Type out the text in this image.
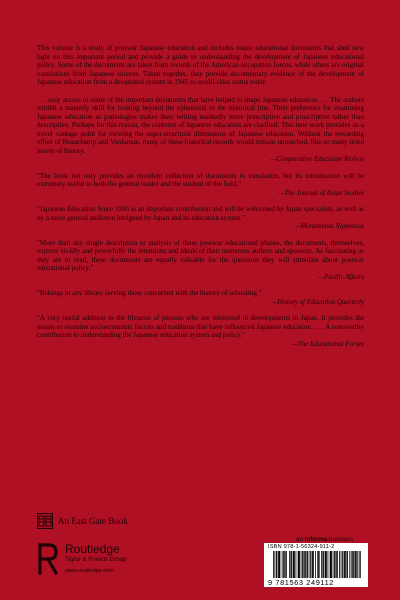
This volume is a study of postwar Japanese education and includes major educational documents that shed new light on this important period and provide a guide to understanding the development of Japanese educational policy. Some of the documents are taken from records of the American occupation forces, while others are original translations from Japanese sources. Taken together, they provide documentary evidence of the development of Japanese education from a devastated system in 1945 to world-class status today.

. . . easy access to some of the important documents that have helped to shape Japanese education . . . The authors exhibit a masterly skill for looking beyond the ephemeral to the historical line. Their preference for examining Japanese education as pathologies makes their writing markedly more prescriptive and proscriptive rather than descriptive. Perhaps for this reason, the contours of Japanese education are clarified. This new work provides us a novel vantage point for viewing the super-structural dimensions of Japanese education. Without the rewarding effort of Beauchamp and Vardaman, many of these historical records would remain untouched, like so many dried leaves of history.

—Comparative Education Review

"The book not only provides an excellent collection of documents in translation, but its introduction will be extremely useful to both the general reader and the student of the field."

—The Journal of Asian Studies

"Japanese Education Since 1945 is an important contribution and will be welcomed by Japan specialists, as well as by a more general audience intrigued by Japan and its education system."

—Monumenta Nipponica

"More than any single description or analysis of these postwar educational phases, the documents, themselves, express vividly and powerfully the intentions and ideals of their numerous authors and sponsors. As fascinating as they are to read, these documents are equally valuable for the questions they will stimulate about postwar educational policy."

—Pacific Affairs

"Belongs in any library serving those concerned with the history of schooling."

—History of Education Quarterly

"A very useful addition to the libraries of persons who are interested in developments in Japan. It provides the means to examine socioeconomic factors and traditions that have influenced Japanese education. . . . A noteworthy contribution to understanding the Japanese education system and policy."

—The Educational Forum
An East Gate Book
an informa business
Routledge
Taylor & Francis Group
www.routledge.com
ISBN 978-1-56324-911-2
9 781563 249112
